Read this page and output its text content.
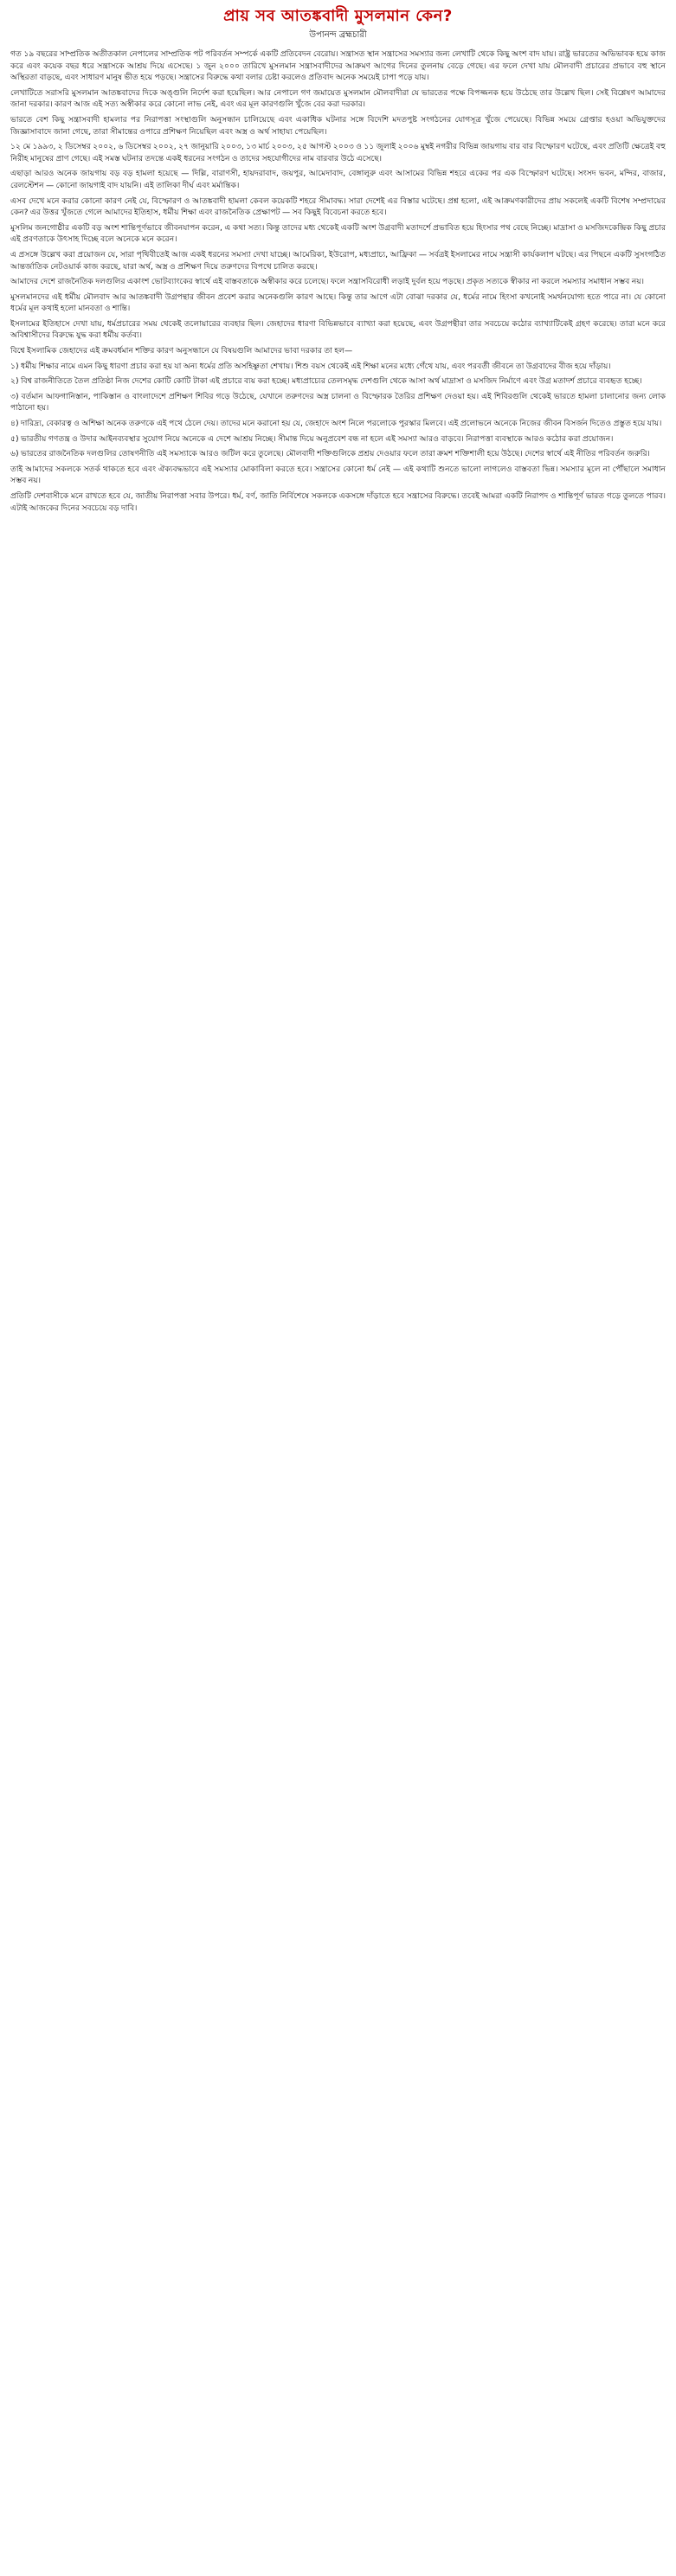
প্রায় সব আতঙ্কবাদী মুসলমান কেন?
উপানন্দ ব্রহ্মচারী

গত ১৯ বছরের সাম্প্রতিক অতীতকাল নেপালের সাম্প্রতিক পট পরিবর্তন সম্পর্কে একটি প্রতিবেদন বেরোয়। সন্ত্রাসত স্থান সন্ত্রাসের সমস্যার জন্য লেখাটি থেকে কিছু অংশ বাদ যায়। রাষ্ট্র ভারতের অভিভাবক হয়ে কাজ করে এবং কয়েক বছর ধরে সন্ত্রাসকে আশ্রয় দিয়ে এসেছে। ১ জুন ২০০০ তারিখে মুসলমান সন্ত্রাসবাদীদের আক্রমণ আগের দিনের তুলনায় বেড়ে গেছে। এর ফলে দেখা যায় মৌলবাদী প্রচারের প্রভাবে বহু স্থানে অস্থিরতা বাড়ছে, এবং সাধারণ মানুষ ভীত হয়ে পড়ছে। সন্ত্রাসের বিরুদ্ধে কথা বলার চেষ্টা করলেও প্রতিবাদ অনেক সময়েই চাপা পড়ে যায়।

লেখাটিতে সরাসরি মুসলমান আতঙ্কবাদের দিকে অঙ্গুলি নির্দেশ করা হয়েছিল। আর নেপালে গণ জমায়েত মুসলমান মৌলবাদীরা যে ভারতের পক্ষে বিপজ্জনক হয়ে উঠেছে তার উল্লেখ ছিল। সেই বিশ্লেষণ আমাদের জানা দরকার। কারণ আজ এই সত্য অস্বীকার করে কোনো লাভ নেই, এবং এর মূল কারণগুলি খুঁজে বের করা দরকার।

ভারতে বেশ কিছু সন্ত্রাসবাদী হামলার পর নিরাপত্তা সংস্থাগুলি অনুসন্ধান চালিয়েছে এবং একাধিক ঘটনার সঙ্গে বিদেশি মদতপুষ্ট সংগঠনের যোগসূত্র খুঁজে পেয়েছে। বিভিন্ন সময়ে গ্রেপ্তার হওয়া অভিযুক্তদের জিজ্ঞাসাবাদে জানা গেছে, তারা সীমান্তের ওপারে প্রশিক্ষণ নিয়েছিল এবং অস্ত্র ও অর্থ সাহায্য পেয়েছিল।

১২ মে ১৯৯৩, ২ ডিসেম্বর ২০০২, ৬ ডিসেম্বর ২০০২, ২৭ জানুয়ারি ২০০৩, ১৩ মার্চ ২০০৩, ২৫ আগস্ট ২০০৩ ও ১১ জুলাই ২০০৬ মুম্বই নগরীর বিভিন্ন জায়গায় বার বার বিস্ফোরণ ঘটেছে, এবং প্রতিটি ক্ষেত্রেই বহু নিরীহ মানুষের প্রাণ গেছে। এই সমস্ত ঘটনার তদন্তে একই ধরনের সংগঠন ও তাদের সহযোগীদের নাম বারবার উঠে এসেছে।

এছাড়া আরও অনেক জায়গায় বড় বড় হামলা হয়েছে — দিল্লি, বারাণসী, হায়দরাবাদ, জয়পুর, আমেদাবাদ, বেঙ্গালুরু এবং আসামের বিভিন্ন শহরে একের পর এক বিস্ফোরণ ঘটেছে। সংসদ ভবন, মন্দির, বাজার, রেলস্টেশন — কোনো জায়গাই বাদ যায়নি। এই তালিকা দীর্ঘ এবং মর্মান্তিক।

এসব দেখে মনে করার কোনো কারণ নেই যে, বিস্ফোরণ ও আতঙ্কবাদী হামলা কেবল কয়েকটি শহরে সীমাবদ্ধ। সারা দেশেই এর বিস্তার ঘটেছে। প্রশ্ন হলো, এই আক্রমণকারীদের প্রায় সকলেই একটি বিশেষ সম্প্রদায়ের কেন? এর উত্তর খুঁজতে গেলে আমাদের ইতিহাস, ধর্মীয় শিক্ষা এবং রাজনৈতিক প্রেক্ষাপট — সব কিছুই বিবেচনা করতে হবে।

মুসলিম জনগোষ্ঠীর একটি বড় অংশ শান্তিপূর্ণভাবে জীবনযাপন করেন, এ কথা সত্য। কিন্তু তাদের মধ্য থেকেই একটি অংশ উগ্রবাদী মতাদর্শে প্রভাবিত হয়ে হিংসার পথ বেছে নিচ্ছে। মাদ্রাসা ও মসজিদকেন্দ্রিক কিছু প্রচার এই প্রবণতাকে উৎসাহ দিচ্ছে বলে অনেকে মনে করেন।

এ প্রসঙ্গে উল্লেখ করা প্রয়োজন যে, সারা পৃথিবীতেই আজ একই ধরনের সমস্যা দেখা যাচ্ছে। আমেরিকা, ইউরোপ, মধ্যপ্রাচ্য, আফ্রিকা — সর্বত্রই ইসলামের নামে সন্ত্রাসী কার্যকলাপ ঘটছে। এর পিছনে একটি সুসংগঠিত আন্তর্জাতিক নেটওয়ার্ক কাজ করছে, যারা অর্থ, অস্ত্র ও প্রশিক্ষণ দিয়ে তরুণদের বিপথে চালিত করছে।

আমাদের দেশে রাজনৈতিক দলগুলির একাংশ ভোটব্যাংকের স্বার্থে এই বাস্তবতাকে অস্বীকার করে চলেছে। ফলে সন্ত্রাসবিরোধী লড়াই দুর্বল হয়ে পড়ছে। প্রকৃত সত্যকে স্বীকার না করলে সমস্যার সমাধান সম্ভব নয়।

মুসলমানদের এই ধর্মীয় মৌলবাদ আর আতঙ্কবাদী উগ্রপন্থার জীবন প্রবেশ করার অনেকগুলি কারণ আছে। কিন্তু তার আগে এটা বোঝা দরকার যে, ধর্মের নামে হিংসা কখনোই সমর্থনযোগ্য হতে পারে না। যে কোনো ধর্মের মূল কথাই হলো মানবতা ও শান্তি।

ইসলামের ইতিহাসে দেখা যায়, ধর্মপ্রচারের সময় থেকেই তলোয়ারের ব্যবহার ছিল। জেহাদের ধারণা বিভিন্নভাবে ব্যাখ্যা করা হয়েছে, এবং উগ্রপন্থীরা তার সবচেয়ে কঠোর ব্যাখ্যাটিকেই গ্রহণ করেছে। তারা মনে করে অবিশ্বাসীদের বিরুদ্ধে যুদ্ধ করা ধর্মীয় কর্তব্য।

বিশ্বে ইসলামিক জেহাদের এই ক্রমবর্ধমান শক্তির কারণ অনুসন্ধানে যে বিষয়গুলি আমাদের ভাবা দরকার তা হল—

১) ধর্মীয় শিক্ষার নামে এমন কিছু ধারণা প্রচার করা হয় যা অন্য ধর্মের প্রতি অসহিষ্ণুতা শেখায়। শিশু বয়স থেকেই এই শিক্ষা মনের মধ্যে গেঁথে যায়, এবং পরবর্তী জীবনে তা উগ্রবাদের বীজ হয়ে দাঁড়ায়।

২) বিশ্ব রাজনীতিতে তৈল প্রতিষ্ঠা নিজ দেশের কোটি কোটি টাকা এই প্রচারে ব্যয় করা হচ্ছে। মধ্যপ্রাচ্যের তেলসমৃদ্ধ দেশগুলি থেকে আসা অর্থ মাদ্রাসা ও মসজিদ নির্মাণে এবং উগ্র মতাদর্শ প্রচারে ব্যবহৃত হচ্ছে।

৩) বর্তমান আফগানিস্তান, পাকিস্তান ও বাংলাদেশে প্রশিক্ষণ শিবির গড়ে উঠেছে, যেখানে তরুণদের অস্ত্র চালনা ও বিস্ফোরক তৈরির প্রশিক্ষণ দেওয়া হয়। এই শিবিরগুলি থেকেই ভারতে হামলা চালানোর জন্য লোক পাঠানো হয়।

৪) দারিদ্র্য, বেকারত্ব ও অশিক্ষা অনেক তরুণকে এই পথে ঠেলে দেয়। তাদের মনে করানো হয় যে, জেহাদে অংশ নিলে পরলোকে পুরস্কার মিলবে। এই প্রলোভনে অনেকে নিজের জীবন বিসর্জন দিতেও প্রস্তুত হয়ে যায়।

৫) ভারতীয় গণতন্ত্র ও উদার আইনব্যবস্থার সুযোগ নিয়ে অনেকে এ দেশে আশ্রয় নিচ্ছে। সীমান্ত দিয়ে অনুপ্রবেশ বন্ধ না হলে এই সমস্যা আরও বাড়বে। নিরাপত্তা ব্যবস্থাকে আরও কঠোর করা প্রয়োজন।

৬) ভারতের রাজনৈতিক দলগুলির তোষণনীতি এই সমস্যাকে আরও জটিল করে তুলেছে। মৌলবাদী শক্তিগুলিকে প্রশ্রয় দেওয়ার ফলে তারা ক্রমশ শক্তিশালী হয়ে উঠছে। দেশের স্বার্থে এই নীতির পরিবর্তন জরুরি।

তাই আমাদের সকলকে সতর্ক থাকতে হবে এবং ঐক্যবদ্ধভাবে এই সমস্যার মোকাবিলা করতে হবে। সন্ত্রাসের কোনো ধর্ম নেই — এই কথাটি শুনতে ভালো লাগলেও বাস্তবতা ভিন্ন। সমস্যার মূলে না পৌঁছালে সমাধান সম্ভব নয়।

প্রতিটি দেশবাসীকে মনে রাখতে হবে যে, জাতীয় নিরাপত্তা সবার উপরে। ধর্ম, বর্ণ, জাতি নির্বিশেষে সকলকে একসঙ্গে দাঁড়াতে হবে সন্ত্রাসের বিরুদ্ধে। তবেই আমরা একটি নিরাপদ ও শান্তিপূর্ণ ভারত গড়ে তুলতে পারব। এটাই আজকের দিনের সবচেয়ে বড় দাবি।
